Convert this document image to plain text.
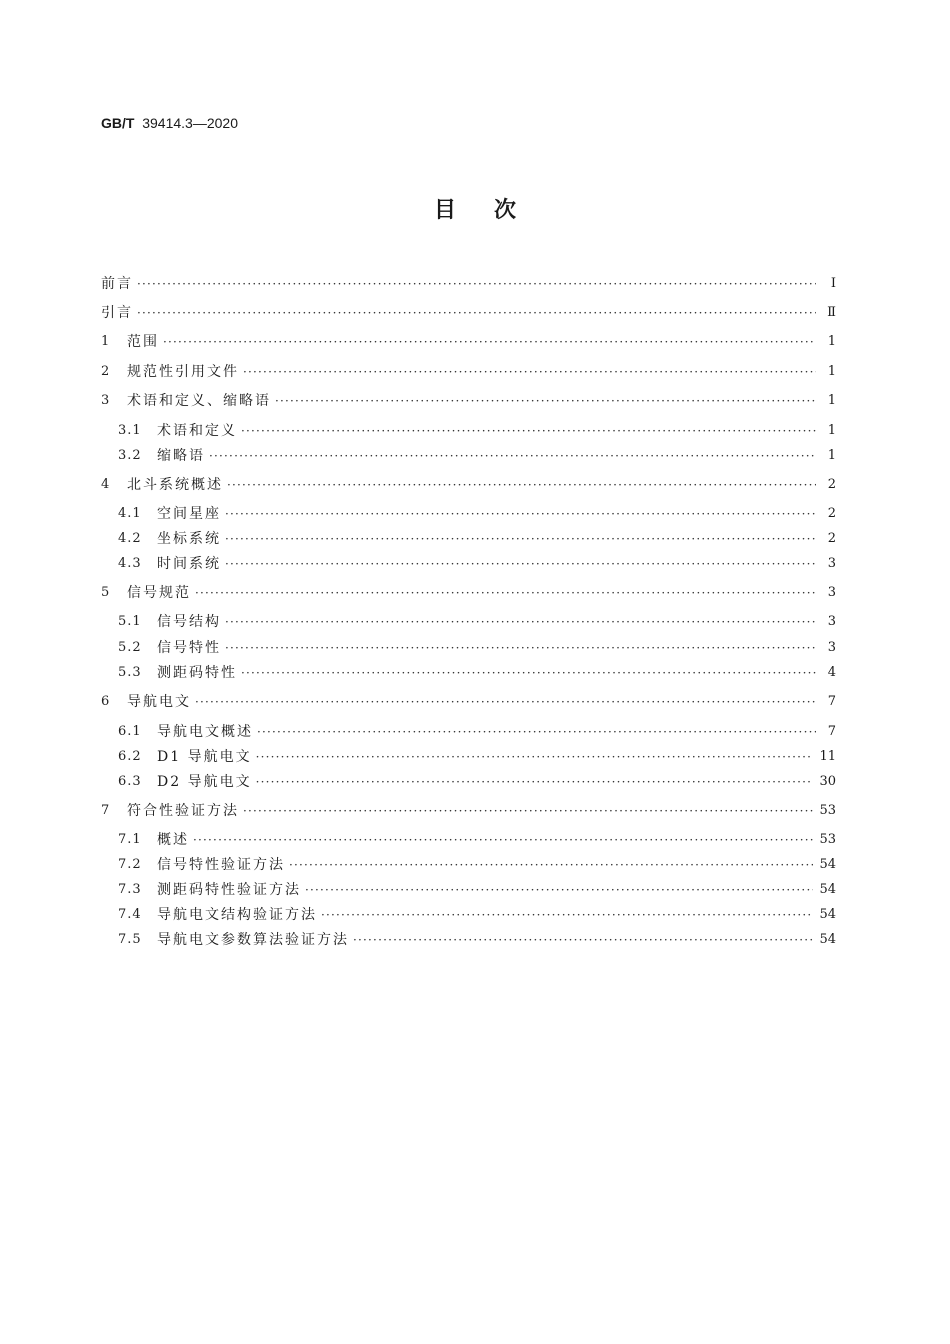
GB/T 39414.3—2020
目次
前言 ·····	Ⅰ
引言 ·····	Ⅱ
1	范围 ·····	1
2	规范性引用文件 ·····	1
3	术语和定义、缩略语 ·····	1
3.1	术语和定义 ·····	1
3.2	缩略语 ·····	1
4	北斗系统概述 ·····	2
4.1	空间星座 ·····	2
4.2	坐标系统 ·····	2
4.3	时间系统 ·····	3
5	信号规范 ·····	3
5.1	信号结构 ·····	3
5.2	信号特性 ·····	3
5.3	测距码特性 ·····	4
6	导航电文 ·····	7
6.1	导航电文概述 ·····	7
6.2	D1 导航电文 ·····	11
6.3	D2 导航电文 ·····	30
7	符合性验证方法 ·····	53
7.1	概述 ·····	53
7.2	信号特性验证方法 ·····	54
7.3	测距码特性验证方法 ·····	54
7.4	导航电文结构验证方法 ·····	54
7.5	导航电文参数算法验证方法 ·····	54
